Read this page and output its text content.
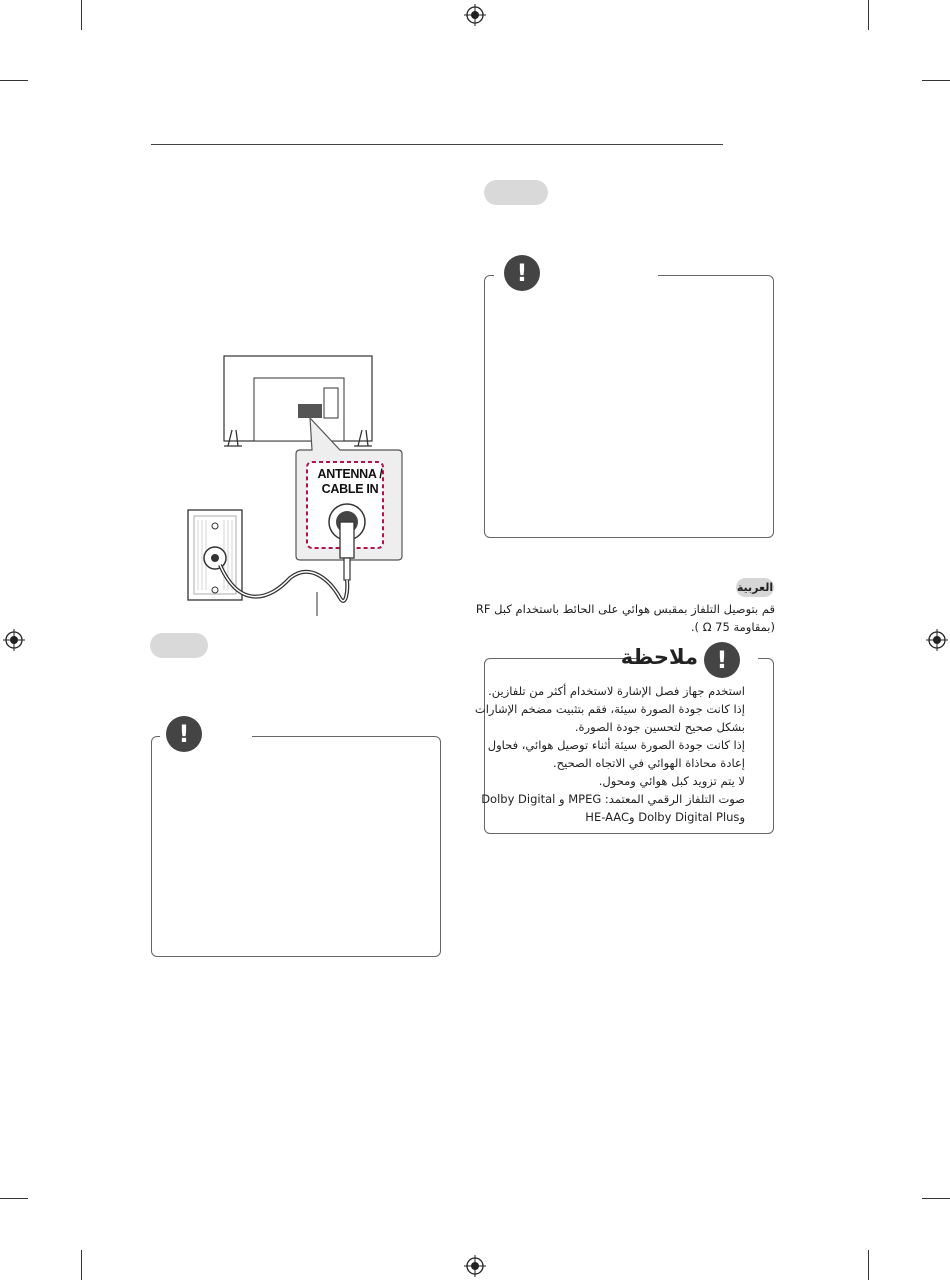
!
ANTENNA /
CABLE IN
!
العربية
قم بتوصيل التلفاز بمقبس هوائي على الحائط باستخدام كبل RF
(بمقاومة 75 Ω ).
ملاحظة !
استخدم جهاز فصل الإشارة لاستخدام أكثر من تلفازين.
إذا كانت جودة الصورة سيئة، فقم بتثبيت مضخم الإشارات
بشكل صحيح لتحسين جودة الصورة.
إذا كانت جودة الصورة سيئة أثناء توصيل هوائي، فحاول
إعادة محاذاة الهوائي في الاتجاه الصحيح.
لا يتم تزويد كبل هوائي ومحول.
صوت التلفاز الرقمي المعتمد: MPEG و Dolby Digital
وDolby Digital Plus وHE-AAC
